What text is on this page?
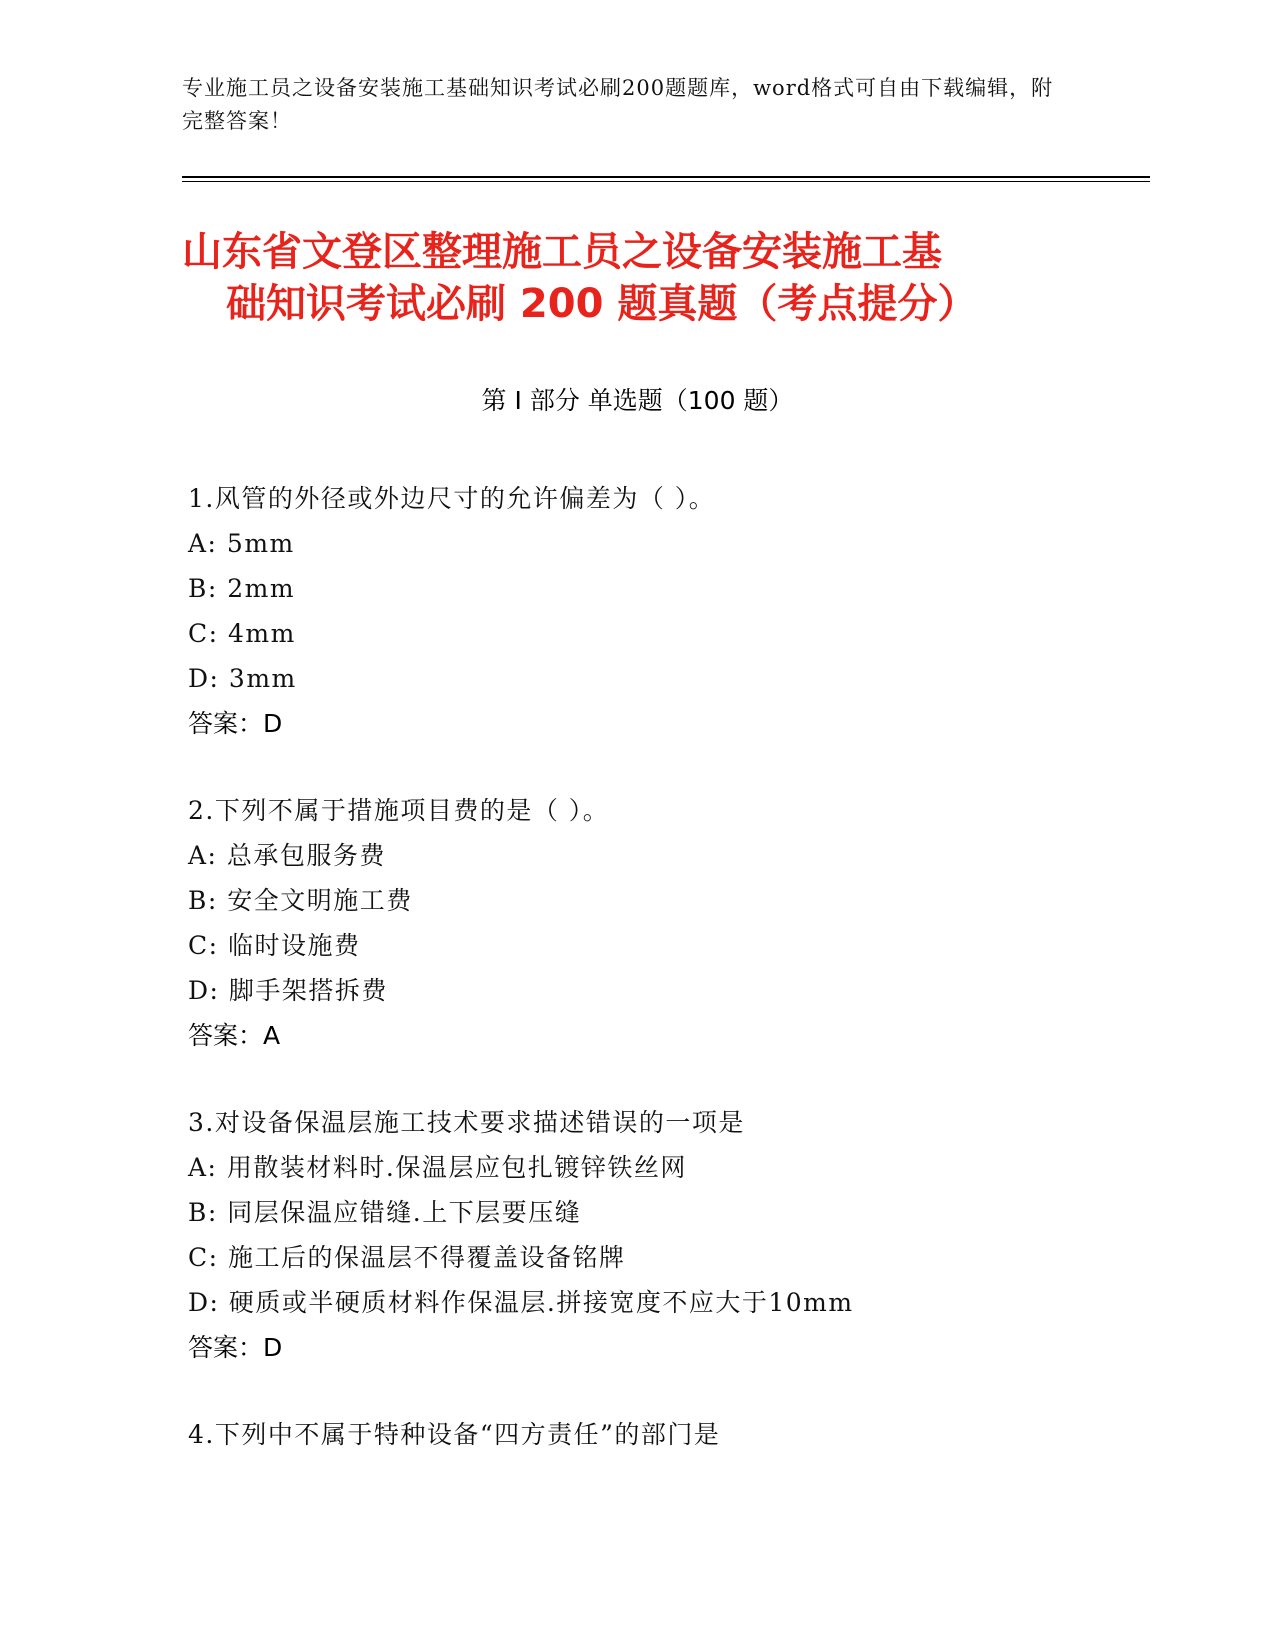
专业施工员之设备安装施工基础知识考试必刷200题题库，word格式可自由下载编辑，附完整答案！
山东省文登区整理施工员之设备安装施工基
础知识考试必刷 200 题真题（考点提分）
第 I 部分 单选题（100 题）
1.风管的外径或外边尺寸的允许偏差为（ ）。
A: 5mm
B: 2mm
C: 4mm
D: 3mm
答案：D
2.下列不属于措施项目费的是（ ）。
A: 总承包服务费
B: 安全文明施工费
C: 临时设施费
D: 脚手架搭拆费
答案：A
3.对设备保温层施工技术要求描述错误的一项是
A: 用散装材料时.保温层应包扎镀锌铁丝网
B: 同层保温应错缝.上下层要压缝
C: 施工后的保温层不得覆盖设备铭牌
D: 硬质或半硬质材料作保温层.拼接宽度不应大于10mm
答案：D
4.下列中不属于特种设备“四方责任”的部门是
